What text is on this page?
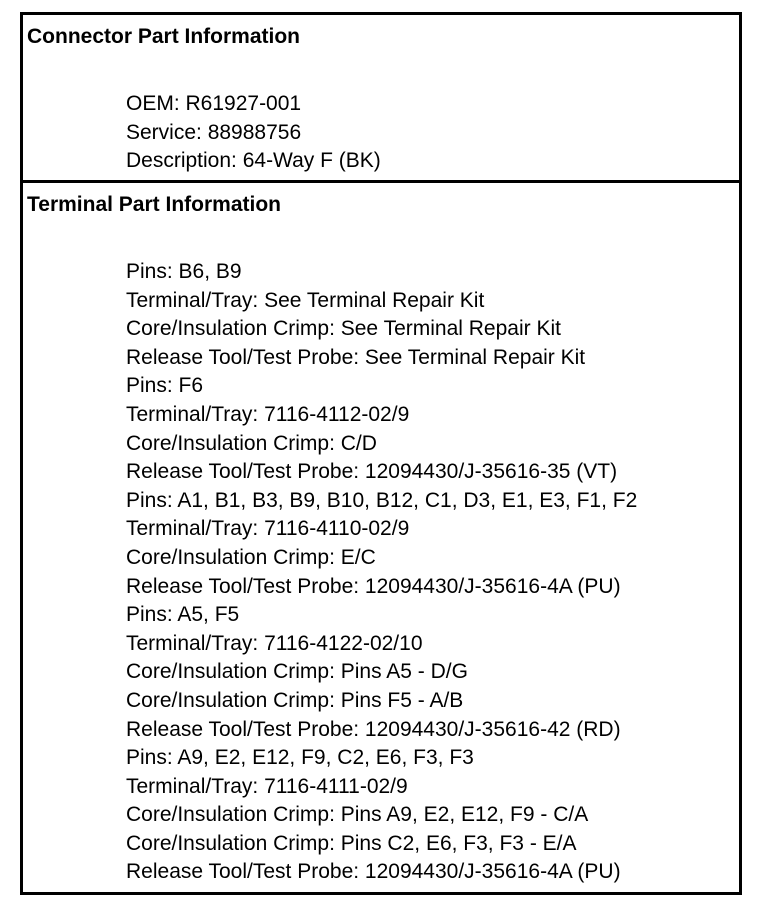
Connector Part Information
OEM: R61927-001
Service: 88988756
Description: 64-Way F (BK)
Terminal Part Information
Pins: B6, B9
Terminal/Tray: See Terminal Repair Kit
Core/Insulation Crimp: See Terminal Repair Kit
Release Tool/Test Probe: See Terminal Repair Kit
Pins: F6
Terminal/Tray: 7116-4112-02/9
Core/Insulation Crimp: C/D
Release Tool/Test Probe: 12094430/J-35616-35 (VT)
Pins: A1, B1, B3, B9, B10, B12, C1, D3, E1, E3, F1, F2
Terminal/Tray: 7116-4110-02/9
Core/Insulation Crimp: E/C
Release Tool/Test Probe: 12094430/J-35616-4A (PU)
Pins: A5, F5
Terminal/Tray: 7116-4122-02/10
Core/Insulation Crimp: Pins A5 - D/G
Core/Insulation Crimp: Pins F5 - A/B
Release Tool/Test Probe: 12094430/J-35616-42 (RD)
Pins: A9, E2, E12, F9, C2, E6, F3, F3
Terminal/Tray: 7116-4111-02/9
Core/Insulation Crimp: Pins A9, E2, E12, F9 - C/A
Core/Insulation Crimp: Pins C2, E6, F3, F3 - E/A
Release Tool/Test Probe: 12094430/J-35616-4A (PU)
